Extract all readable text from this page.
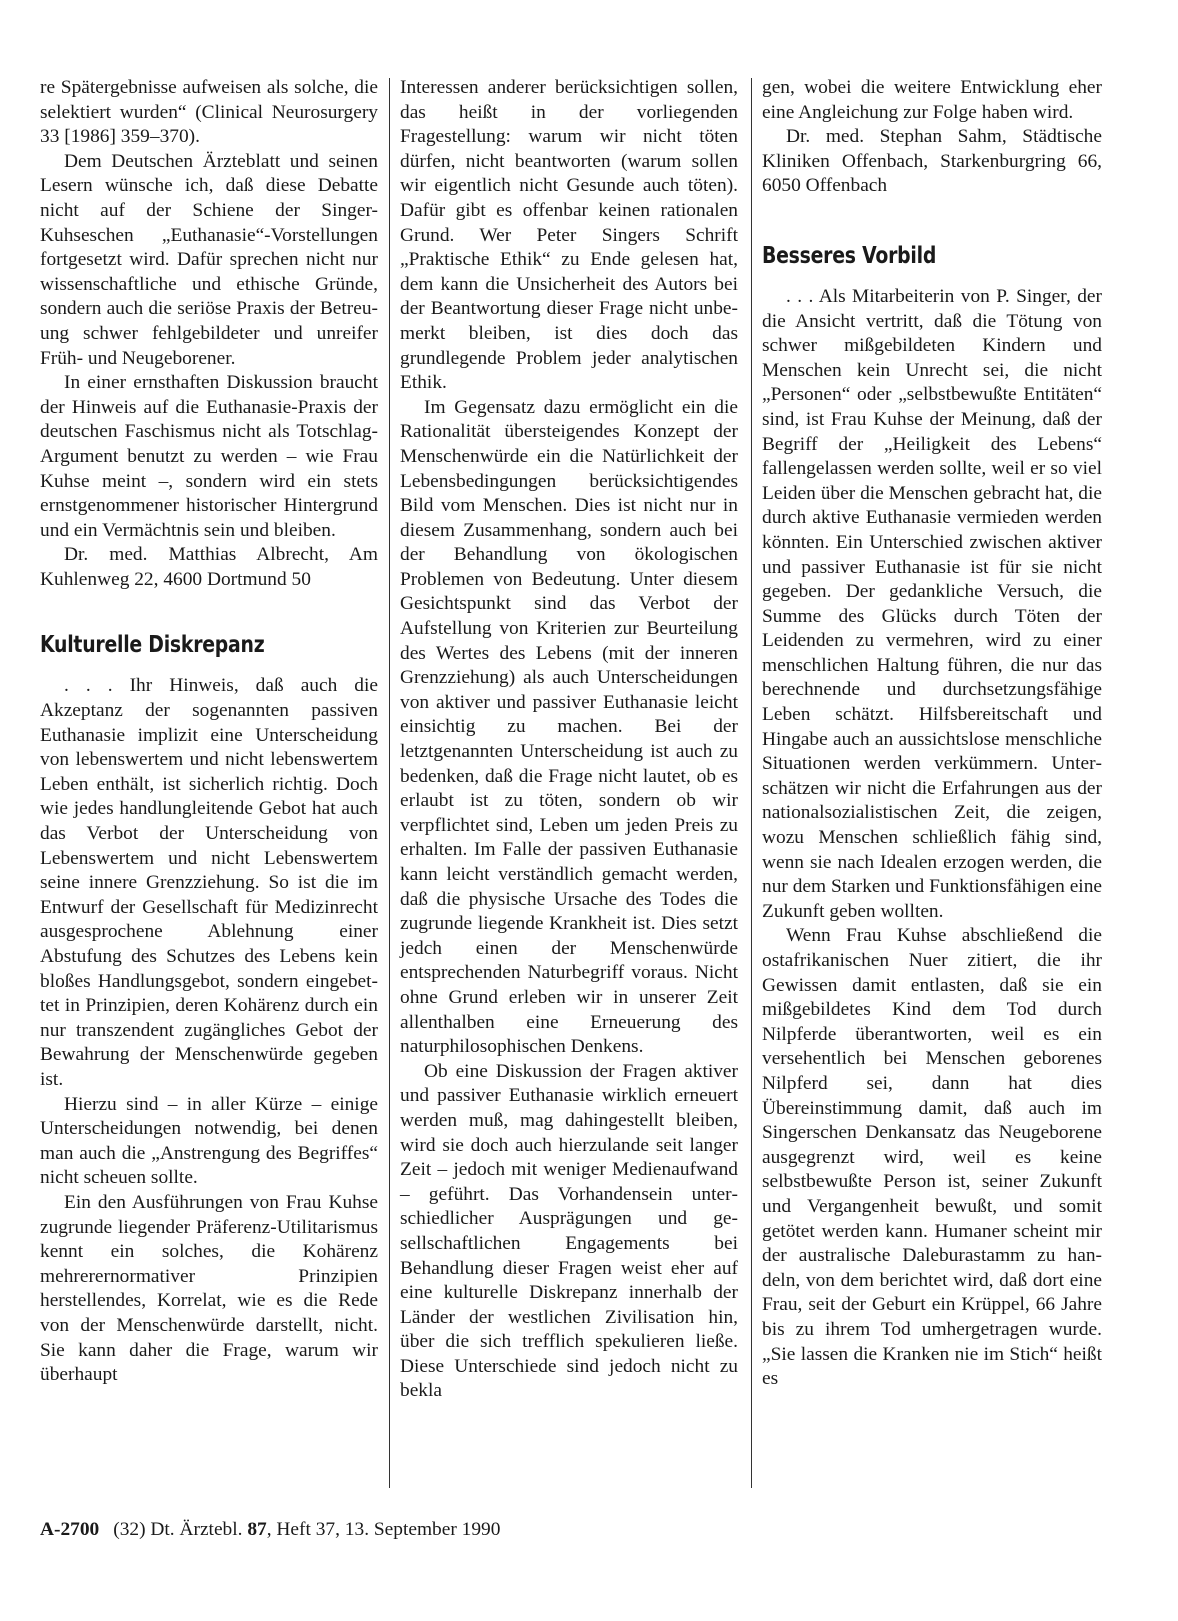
re Spätergebnisse aufweisen als solche, die selektiert wurden“ (Clinical Neurosurgery 33 [1986] 359–370).

Dem Deutschen Ärzteblatt und seinen Lesern wünsche ich, daß diese Debatte nicht auf der Schiene der Singer-Kuhseschen „Euthanasie“-Vorstellungen fortgesetzt wird. Dafür sprechen nicht nur wissenschaftliche und ethische Gründe, sondern auch die seriöse Praxis der Betreuung schwer fehlgebildeter und unreifer Früh- und Neugeborener.

In einer ernsthaften Diskussion braucht der Hinweis auf die Euthanasie-Praxis der deutschen Faschismus nicht als Totschlag-Argument benutzt zu werden – wie Frau Kuhse meint –, sondern wird ein stets ernstgenommener historischer Hintergrund und ein Vermächtnis sein und bleiben.

Dr. med. Matthias Albrecht, Am Kuhlenweg 22, 4600 Dortmund 50

Kulturelle Diskrepanz

. . . Ihr Hinweis, daß auch die Akzeptanz der sogenannten passiven Euthanasie implizit eine Unterscheidung von lebenswertem und nicht lebenswertem Leben enthält, ist sicherlich richtig. Doch wie jedes handlungleitende Gebot hat auch das Verbot der Unterscheidung von Lebenswertem und nicht Lebenswertem seine innere Grenzziehung. So ist die im Entwurf der Gesellschaft für Medizinrecht ausgesprochene Ablehnung einer Abstufung des Schutzes des Lebens kein bloßes Handlungsgebot, sondern eingebettet in Prinzipien, deren Kohärenz durch ein nur transzendent zugängliches Gebot der Bewahrung der Menschenwürde gegeben ist.

Hierzu sind – in aller Kürze – einige Unterscheidungen notwendig, bei denen man auch die „Anstrengung des Begriffes“ nicht scheuen sollte.

Ein den Ausführungen von Frau Kuhse zugrunde liegender Präferenz-Utilitarismus kennt ein solches, die Kohärenz mehrerernormativer Prinzipien herstellendes, Korrelat, wie es die Rede von der Menschenwürde darstellt, nicht. Sie kann daher die Frage, warum wir überhaupt

Interessen anderer berücksichtigen sollen, das heißt in der vorliegenden Fragestellung: warum wir nicht töten dürfen, nicht beantworten (warum sollen wir eigentlich nicht Gesunde auch töten). Dafür gibt es offenbar keinen rationalen Grund. Wer Peter Singers Schrift „Praktische Ethik“ zu Ende gelesen hat, dem kann die Unsicherheit des Autors bei der Beantwortung dieser Frage nicht unbemerkt bleiben, ist dies doch das grundlegende Problem jeder analytischen Ethik.

Im Gegensatz dazu ermöglicht ein die Rationalität übersteigendes Konzept der Menschenwürde ein die Natürlichkeit der Lebensbedingungen berücksichtigendes Bild vom Menschen. Dies ist nicht nur in diesem Zusammenhang, sondern auch bei der Behandlung von ökologischen Problemen von Bedeutung. Unter diesem Gesichtspunkt sind das Verbot der Aufstellung von Kriterien zur Beurteilung des Wertes des Lebens (mit der inneren Grenzziehung) als auch Unterscheidungen von aktiver und passiver Euthanasie leicht einsichtig zu machen. Bei der letztgenannten Unterscheidung ist auch zu bedenken, daß die Frage nicht lautet, ob es erlaubt ist zu töten, sondern ob wir verpflichtet sind, Leben um jeden Preis zu erhalten. Im Falle der passiven Euthanasie kann leicht verständlich gemacht werden, daß die physische Ursache des Todes die zugrunde liegende Krankheit ist. Dies setzt jedch einen der Menschenwürde entsprechenden Naturbegriff voraus. Nicht ohne Grund erleben wir in unserer Zeit allenthalben eine Erneuerung des naturphilosophischen Denkens.

Ob eine Diskussion der Fragen aktiver und passiver Euthanasie wirklich erneuert werden muß, mag dahingestellt bleiben, wird sie doch auch hierzulande seit langer Zeit – jedoch mit weniger Medienaufwand – geführt. Das Vorhandensein unterschiedlicher Ausprägungen und gesellschaftlichen Engagements bei Behandlung dieser Fragen weist eher auf eine kulturelle Diskrepanz innerhalb der Länder der westlichen Zivilisation hin, über die sich trefflich spekulieren ließe. Diese Unterschiede sind jedoch nicht zu bekla

gen, wobei die weitere Entwicklung eher eine Angleichung zur Folge haben wird.

Dr. med. Stephan Sahm, Städtische Kliniken Offenbach, Starkenburgring 66, 6050 Offenbach

Besseres Vorbild

. . . Als Mitarbeiterin von P. Singer, der die Ansicht vertritt, daß die Tötung von schwer mißgebildeten Kindern und Menschen kein Unrecht sei, die nicht „Personen“ oder „selbstbewußte Entitäten“ sind, ist Frau Kuhse der Meinung, daß der Begriff der „Heiligkeit des Lebens“ fallengelassen werden sollte, weil er so viel Leiden über die Menschen gebracht hat, die durch aktive Euthanasie vermieden werden könnten. Ein Unterschied zwischen aktiver und passiver Euthanasie ist für sie nicht gegeben. Der gedankliche Versuch, die Summe des Glücks durch Töten der Leidenden zu vermehren, wird zu einer menschlichen Haltung führen, die nur das berechnende und durchsetzungsfähige Leben schätzt. Hilfsbereitschaft und Hingabe auch an aussichtslose menschliche Situationen werden verkümmern. Unterschätzen wir nicht die Erfahrungen aus der nationalsozialistischen Zeit, die zeigen, wozu Menschen schließlich fähig sind, wenn sie nach Idealen erzogen werden, die nur dem Starken und Funktionsfähigen eine Zukunft geben wollten.

Wenn Frau Kuhse abschließend die ostafrikanischen Nuer zitiert, die ihr Gewissen damit entlasten, daß sie ein mißgebildetes Kind dem Tod durch Nilpferde überantworten, weil es ein versehentlich bei Menschen geborenes Nilpferd sei, dann hat dies Übereinstimmung damit, daß auch im Singerschen Denkansatz das Neugeborene ausgegrenzt wird, weil es keine selbstbewußte Person ist, seiner Zukunft und Vergangenheit bewußt, und somit getötet werden kann. Humaner scheint mir der australische Daleburastamm zu handeln, von dem berichtet wird, daß dort eine Frau, seit der Geburt ein Krüppel, 66 Jahre bis zu ihrem Tod umhergetragen wurde. „Sie lassen die Kranken nie im Stich“ heißt es

A-2700 (32) Dt. Ärztebl. 87, Heft 37, 13. September 1990
